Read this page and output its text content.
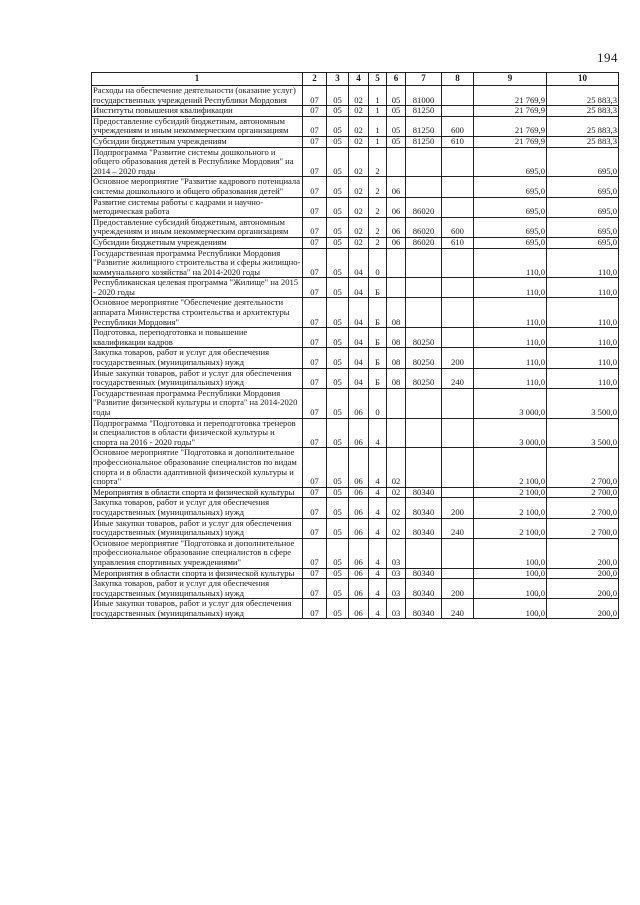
194
1	2	3	4	5	6	7	8	9	10
Расходы на обеспечение деятельности (оказание услуг) государственных учреждений Республики Мордовия	07	05	02	1	05	81000		21 769,9	25 883,3
Институты повышения квалификации	07	05	02	1	05	81250		21 769,9	25 883,3
Предоставление субсидий бюджетным, автономным учреждениям и иным некоммерческим организациям	07	05	02	1	05	81250	600	21 769,9	25 883,3
Субсидии бюджетным учреждениям	07	05	02	1	05	81250	610	21 769,9	25 883,3
Подпрограмма "Развитие системы дошкольного и общего образования детей в Республике Мордовия" на 2014 – 2020 годы	07	05	02	2				695,0	695,0
Основное мероприятие "Развитие кадрового потенциала системы дошкольного и общего образования детей"	07	05	02	2	06			695,0	695,0
Развитие системы работы с кадрами и научно-методическая работа	07	05	02	2	06	86020		695,0	695,0
Предоставление субсидий бюджетным, автономным учреждениям и иным некоммерческим организациям	07	05	02	2	06	86020	600	695,0	695,0
Субсидии бюджетным учреждениям	07	05	02	2	06	86020	610	695,0	695,0
Государственная программа Республики Мордовия "Развитие жилищного строительства и сферы жилищно-коммунального хозяйства" на 2014-2020 годы	07	05	04	0				110,0	110,0
Республиканская целевая программа "Жилище" на 2015 - 2020 годы	07	05	04	Б				110,0	110,0
Основное мероприятие "Обеспечение деятельности аппарата Министерства строительства и архитектуры Республики Мордовия"	07	05	04	Б	08			110,0	110,0
Подготовка, переподготовка и повышение квалификации кадров	07	05	04	Б	08	80250		110,0	110,0
Закупка товаров, работ и услуг для обеспечения государственных (муниципальных) нужд	07	05	04	Б	08	80250	200	110,0	110,0
Иные закупки товаров, работ и услуг для обеспечения государственных (муниципальных) нужд	07	05	04	Б	08	80250	240	110,0	110,0
Государственная программа Республики Мордовия "Развитие физической культуры и спорта" на 2014-2020 годы	07	05	06	0				3 000,0	3 500,0
Подпрограмма "Подготовка и переподготовка тренеров и специалистов в области физической культуры и спорта на 2016 - 2020 годы"	07	05	06	4				3 000,0	3 500,0
Основное мероприятие "Подготовка и дополнительное профессиональное образование специалистов по видам спорта и в области адаптивной физической культуры и спорта"	07	05	06	4	02			2 100,0	2 700,0
Мероприятия в области спорта и физической культуры	07	05	06	4	02	80340		2 100,0	2 700,0
Закупка товаров, работ и услуг для обеспечения государственных (муниципальных) нужд	07	05	06	4	02	80340	200	2 100,0	2 700,0
Иные закупки товаров, работ и услуг для обеспечения государственных (муниципальных) нужд	07	05	06	4	02	80340	240	2 100,0	2 700,0
Основное мероприятие "Подготовка и дополнительное профессиональное образование специалистов в сфере управления спортивных учреждениями"	07	05	06	4	03			100,0	200,0
Мероприятия в области спорта и физической культуры	07	05	06	4	03	80340		100,0	200,0
Закупка товаров, работ и услуг для обеспечения государственных (муниципальных) нужд	07	05	06	4	03	80340	200	100,0	200,0
Иные закупки товаров, работ и услуг для обеспечения государственных (муниципальных) нужд	07	05	06	4	03	80340	240	100,0	200,0
